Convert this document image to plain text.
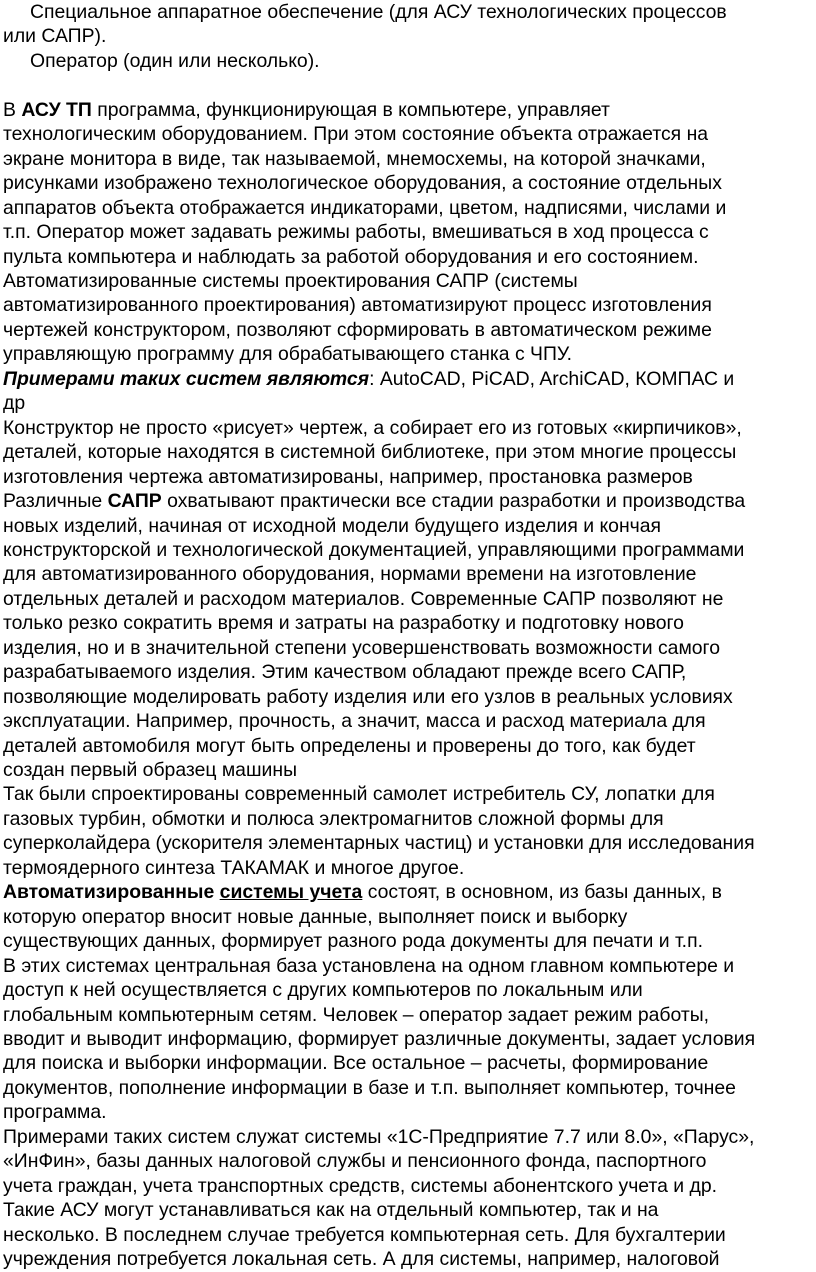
Специальное аппаратное обеспечение (для АСУ технологических процессов

или САПР).

Оператор (один или несколько).

В АСУ ТП программа, функционирующая в компьютере, управляет

технологическим оборудованием. При этом состояние объекта отражается на

экране монитора в виде, так называемой, мнемосхемы, на которой значками,

рисунками изображено технологическое оборудования, а состояние отдельных

аппаратов объекта отображается индикаторами, цветом, надписями, числами и

т.п. Оператор может задавать режимы работы, вмешиваться в ход процесса с

пульта компьютера и наблюдать за работой оборудования и его состоянием.

Автоматизированные системы проектирования САПР (системы

автоматизированного проектирования) автоматизируют процесс изготовления

чертежей конструктором, позволяют сформировать в автоматическом режиме

управляющую программу для обрабатывающего станка с ЧПУ.

Примерами таких систем являются: AutoCAD, PiCAD, ArchiCAD, КОМПАС и

др

Конструктор не просто «рисует» чертеж, а собирает его из готовых «кирпичиков»,

деталей, которые находятся в системной библиотеке, при этом многие процессы

изготовления чертежа автоматизированы, например, простановка размеров

Различные САПР охватывают практически все стадии разработки и производства

новых изделий, начиная от исходной модели будущего изделия и кончая

конструкторской и технологической документацией, управляющими программами

для автоматизированного оборудования, нормами времени на изготовление

отдельных деталей и расходом материалов. Современные САПР позволяют не

только резко сократить время и затраты на разработку и подготовку нового

изделия, но и в значительной степени усовершенствовать возможности самого

разрабатываемого изделия. Этим качеством обладают прежде всего САПР,

позволяющие моделировать работу изделия или его узлов в реальных условиях

эксплуатации. Например, прочность, а значит, масса и расход материала для

деталей автомобиля могут быть определены и проверены до того, как будет

создан первый образец машины

Так были спроектированы современный самолет истребитель СУ, лопатки для

газовых турбин, обмотки и полюса электромагнитов сложной формы для

суперколайдера (ускорителя элементарных частиц) и установки для исследования

термоядерного синтеза ТАКАМАК и многое другое.

Автоматизированные системы учета состоят, в основном, из базы данных, в

которую оператор вносит новые данные, выполняет поиск и выборку

существующих данных, формирует разного рода документы для печати и т.п.

В этих системах центральная база установлена на одном главном компьютере и

доступ к ней осуществляется с других компьютеров по локальным или

глобальным компьютерным сетям. Человек – оператор задает режим работы,

вводит и выводит информацию, формирует различные документы, задает условия

для поиска и выборки информации. Все остальное – расчеты, формирование

документов, пополнение информации в базе и т.п. выполняет компьютер, точнее

программа.

Примерами таких систем служат системы «1С-Предприятие 7.7 или 8.0», «Парус»,

«ИнФин», базы данных налоговой службы и пенсионного фонда, паспортного

учета граждан, учета транспортных средств, системы абонентского учета и др.

Такие АСУ могут устанавливаться как на отдельный компьютер, так и на

несколько. В последнем случае требуется компьютерная сеть. Для бухгалтерии

учреждения потребуется локальная сеть. А для системы, например, налоговой
